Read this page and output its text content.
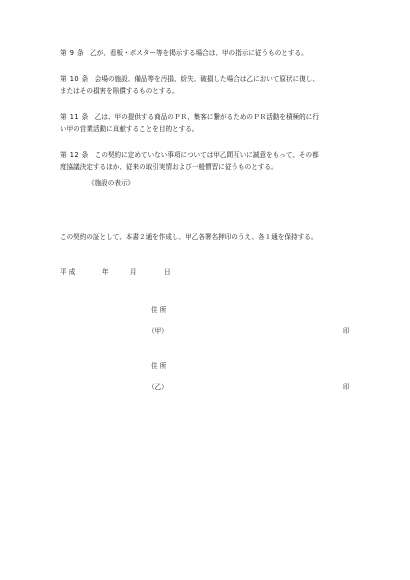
第 9 条 乙が、看板・ポスター等を掲示する場合は、甲の指示に従うものとする。
第 10 条 会場の施設、備品等を汚損、紛失、破損した場合は乙において原状に復し、
またはその損害を賠償するものとする。
第 11 条 乙は、甲の提供する商品のＰＲ、集客に繋がるためのＰＲ活動を積極的に行
い甲の営業活動に貢献することを目的とする。
第 12 条 この契約に定めていない事項については甲乙間互いに誠意をもって、その都
度協議決定するほか、従来の取引実情および一般慣習に従うものとする。
《施設の表示》
この契約の証として、本書２通を作成し、甲乙各署名押印のうえ、各１通を保持する。
平 成	年	月	日
住 所
（甲）	印
住 所
（乙）	印
